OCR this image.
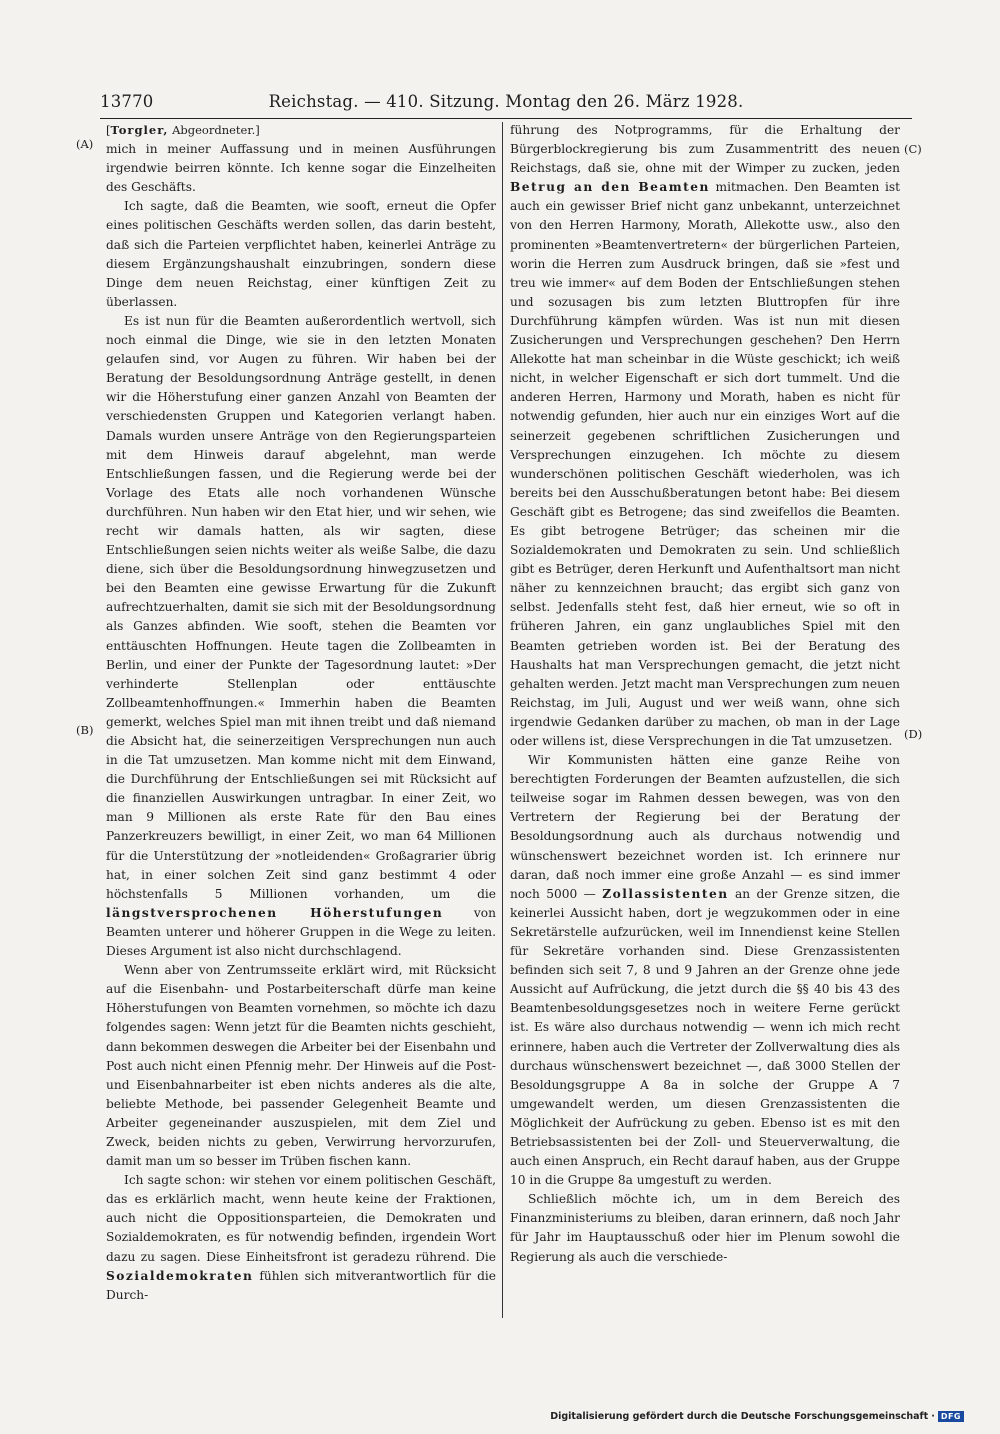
13770	Reichstag. — 410. Sitzung. Montag den 26. März 1928.
(A)
(B)
(C)
(D)

[Torgler, Abgeordneter.]

mich in meiner Auffassung und in meinen Ausführungen irgendwie beirren könnte. Ich kenne sogar die Einzelheiten des Geschäfts.

Ich sagte, daß die Beamten, wie sooft, erneut die Opfer eines politischen Geschäfts werden sollen, das darin besteht, daß sich die Parteien verpflichtet haben, keinerlei Anträge zu diesem Ergänzungshaushalt einzubringen, sondern diese Dinge dem neuen Reichstag, einer künftigen Zeit zu überlassen.

Es ist nun für die Beamten außerordentlich wertvoll, sich noch einmal die Dinge, wie sie in den letzten Monaten gelaufen sind, vor Augen zu führen. Wir haben bei der Beratung der Besoldungsordnung Anträge gestellt, in denen wir die Höherstufung einer ganzen Anzahl von Beamten der verschiedensten Gruppen und Kategorien verlangt haben. Damals wurden unsere Anträge von den Regierungsparteien mit dem Hinweis darauf abgelehnt, man werde Entschließungen fassen, und die Regierung werde bei der Vorlage des Etats alle noch vorhandenen Wünsche durchführen. Nun haben wir den Etat hier, und wir sehen, wie recht wir damals hatten, als wir sagten, diese Entschließungen seien nichts weiter als weiße Salbe, die dazu diene, sich über die Besoldungsordnung hinwegzusetzen und bei den Beamten eine gewisse Erwartung für die Zukunft aufrechtzuerhalten, damit sie sich mit der Besoldungsordnung als Ganzes abfinden. Wie sooft, stehen die Beamten vor enttäuschten Hoffnungen. Heute tagen die Zollbeamten in Berlin, und einer der Punkte der Tagesordnung lautet: »Der verhinderte Stellenplan oder enttäuschte Zollbeamtenhoffnungen.« Immerhin haben die Beamten gemerkt, welches Spiel man mit ihnen treibt und daß niemand die Absicht hat, die seinerzeitigen Versprechungen nun auch in die Tat umzusetzen. Man komme nicht mit dem Einwand, die Durchführung der Entschließungen sei mit Rücksicht auf die finanziellen Auswirkungen untragbar. In einer Zeit, wo man 9 Millionen als erste Rate für den Bau eines Panzerkreuzers bewilligt, in einer Zeit, wo man 64 Millionen für die Unterstützung der »notleidenden« Großagrarier übrig hat, in einer solchen Zeit sind ganz bestimmt 4 oder höchstenfalls 5 Millionen vorhanden, um die längstversprochenen Höherstufungen	von Beamten unterer und höherer Gruppen in die Wege zu leiten. Dieses Argument ist also nicht durchschlagend.

Wenn aber von Zentrumsseite erklärt wird, mit Rücksicht auf die Eisenbahn- und Postarbeiterschaft dürfe man keine Höherstufungen von Beamten vornehmen, so möchte ich dazu folgendes sagen: Wenn jetzt für die Beamten nichts geschieht, dann bekommen deswegen die Arbeiter bei der Eisenbahn und Post auch nicht einen Pfennig mehr. Der Hinweis auf die Post- und Eisenbahnarbeiter ist eben nichts anderes als die alte, beliebte Methode, bei passender Gelegenheit Beamte und Arbeiter gegeneinander auszuspielen, mit dem Ziel und Zweck, beiden nichts zu geben, Verwirrung hervorzurufen, damit man um so besser im Trüben fischen kann.

Ich sagte schon: wir stehen vor einem politischen Geschäft, das es erklärlich macht, wenn heute keine der Fraktionen, auch nicht die Oppositionsparteien, die Demokraten und Sozialdemokraten, es für notwendig befinden, irgendein Wort dazu zu sagen. Diese Einheitsfront ist geradezu rührend. Die Sozialdemokraten fühlen sich mitverantwortlich für die Durch-

führung des Notprogramms, für die Erhaltung der Bürgerblockregierung bis zum Zusammentritt des neuen Reichstags, daß sie, ohne mit der Wimper zu zucken, jeden Betrug an den Beamten mitmachen. Den Beamten ist auch ein gewisser Brief nicht ganz unbekannt, unterzeichnet von den Herren Harmony, Morath, Allekotte usw., also den prominenten »Beamtenvertretern« der bürgerlichen Parteien, worin die Herren zum Ausdruck bringen, daß sie »fest und treu wie immer« auf dem Boden der Entschließungen stehen und sozusagen bis zum letzten Bluttropfen für ihre Durchführung kämpfen würden. Was ist nun mit diesen Zusicherungen und Versprechungen geschehen? Den Herrn Allekotte hat man scheinbar in die Wüste geschickt; ich weiß nicht, in welcher Eigenschaft er sich dort tummelt. Und die anderen Herren, Harmony und Morath, haben es nicht für notwendig gefunden, hier auch nur ein einziges Wort auf die seinerzeit gegebenen schriftlichen Zusicherungen und Versprechungen einzugehen. Ich möchte zu diesem wunderschönen politischen Geschäft wiederholen, was ich bereits bei den Ausschußberatungen betont habe: Bei diesem Geschäft gibt es Betrogene; das sind zweifellos die Beamten. Es gibt betrogene Betrüger; das scheinen mir die Sozialdemokraten und Demokraten zu sein. Und schließlich gibt es Betrüger, deren Herkunft und Aufenthaltsort man nicht näher zu kennzeichnen braucht; das ergibt sich ganz von selbst. Jedenfalls steht fest, daß hier erneut, wie so oft in früheren Jahren, ein ganz unglaubliches Spiel mit den Beamten getrieben worden ist. Bei der Beratung des Haushalts hat man Versprechungen gemacht, die jetzt nicht gehalten werden. Jetzt macht man Versprechungen zum neuen Reichstag, im Juli, August und wer weiß wann, ohne sich irgendwie Gedanken darüber zu machen, ob man in der Lage oder willens ist, diese Versprechungen in die Tat umzusetzen.

Wir Kommunisten hätten eine ganze Reihe von berechtigten Forderungen der Beamten aufzustellen, die sich teilweise sogar im Rahmen dessen bewegen, was von den Vertretern der Regierung bei der Beratung der Besoldungsordnung auch als durchaus notwendig und wünschenswert bezeichnet worden ist. Ich erinnere nur daran, daß noch immer eine große Anzahl — es sind immer noch 5000 — Zollassistenten an der Grenze sitzen, die keinerlei Aussicht haben, dort je wegzukommen oder in eine Sekretärstelle aufzurücken, weil im Innendienst keine Stellen für Sekretäre vorhanden sind. Diese Grenzassistenten befinden sich seit 7, 8 und 9 Jahren an der Grenze ohne jede Aussicht auf Aufrückung, die jetzt durch die §§ 40 bis 43 des Beamtenbesoldungsgesetzes noch in weitere Ferne gerückt ist. Es wäre also durchaus notwendig — wenn ich mich recht erinnere, haben auch die Vertreter der Zollverwaltung dies als durchaus wünschenswert bezeichnet —, daß 3000 Stellen der Besoldungsgruppe A 8a in solche der Gruppe A 7 umgewandelt werden, um diesen Grenzassistenten die Möglichkeit der Aufrückung zu geben. Ebenso ist es mit den Betriebsassistenten bei der Zoll- und Steuerverwaltung, die auch einen Anspruch, ein Recht darauf haben, aus der Gruppe 10 in die Gruppe 8a umgestuft zu werden.

Schließlich möchte ich, um in dem Bereich des Finanzministeriums zu bleiben, daran erinnern, daß noch Jahr für Jahr im Hauptausschuß oder hier im Plenum sowohl die Regierung als auch die verschiede-

Digitalisierung gefördert durch die Deutsche Forschungsgemeinschaft · DFG
